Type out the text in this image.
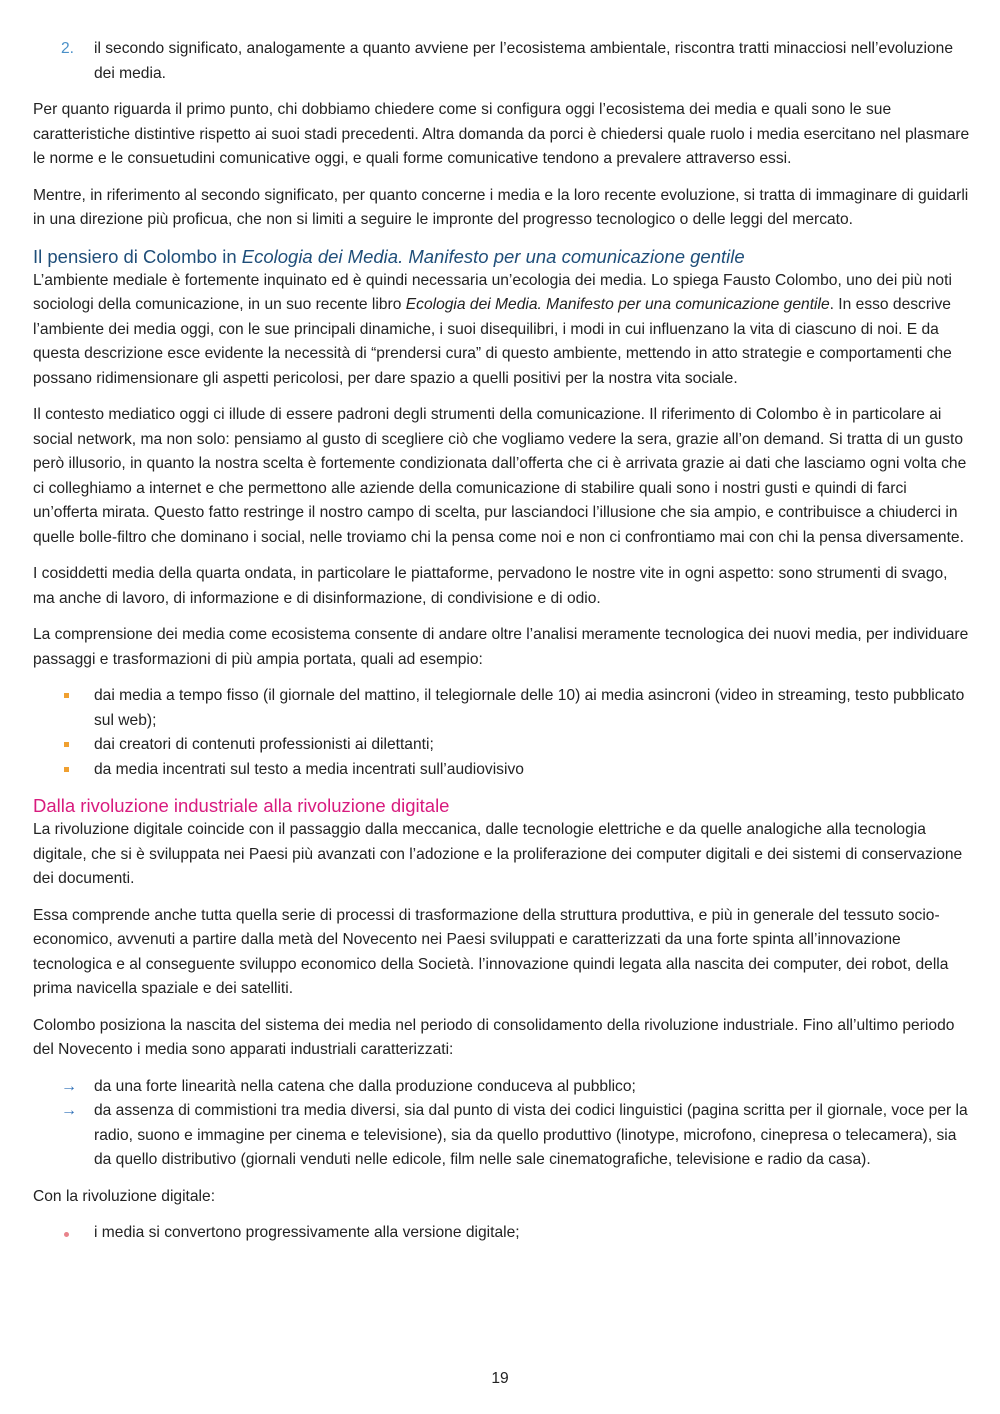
2. il secondo significato, analogamente a quanto avviene per l’ecosistema ambientale, riscontra tratti minacciosi nell’evoluzione dei media.

Per quanto riguarda il primo punto, chi dobbiamo chiedere come si configura oggi l’ecosistema dei media e quali sono le sue caratteristiche distintive rispetto ai suoi stadi precedenti. Altra domanda da porci è chiedersi quale ruolo i media esercitano nel plasmare le norme e le consuetudini comunicative oggi, e quali forme comunicative tendono a prevalere attraverso essi.

Mentre, in riferimento al secondo significato, per quanto concerne i media e la loro recente evoluzione, si tratta di immaginare di guidarli in una direzione più proficua, che non si limiti a seguire le impronte del progresso tecnologico o delle leggi del mercato.

Il pensiero di Colombo in Ecologia dei Media. Manifesto per una comunicazione gentile

L’ambiente mediale è fortemente inquinato ed è quindi necessaria un’ecologia dei media. Lo spiega Fausto Colombo, uno dei più noti sociologi della comunicazione, in un suo recente libro Ecologia dei Media. Manifesto per una comunicazione gentile. In esso descrive l’ambiente dei media oggi, con le sue principali dinamiche, i suoi disequilibri, i modi in cui influenzano la vita di ciascuno di noi. E da questa descrizione esce evidente la necessità di “prendersi cura” di questo ambiente, mettendo in atto strategie e comportamenti che possano ridimensionare gli aspetti pericolosi, per dare spazio a quelli positivi per la nostra vita sociale.

Il contesto mediatico oggi ci illude di essere padroni degli strumenti della comunicazione. Il riferimento di Colombo è in particolare ai social network, ma non solo: pensiamo al gusto di scegliere ciò che vogliamo vedere la sera, grazie all’on demand. Si tratta di un gusto però illusorio, in quanto la nostra scelta è fortemente condizionata dall’offerta che ci è arrivata grazie ai dati che lasciamo ogni volta che ci colleghiamo a internet e che permettono alle aziende della comunicazione di stabilire quali sono i nostri gusti e quindi di farci un’offerta mirata. Questo fatto restringe il nostro campo di scelta, pur lasciandoci l’illusione che sia ampio, e contribuisce a chiuderci in quelle bolle-filtro che dominano i social, nelle troviamo chi la pensa come noi e non ci confrontiamo mai con chi la pensa diversamente.

I cosiddetti media della quarta ondata, in particolare le piattaforme, pervadono le nostre vite in ogni aspetto: sono strumenti di svago, ma anche di lavoro, di informazione e di disinformazione, di condivisione e di odio.

La comprensione dei media come ecosistema consente di andare oltre l’analisi meramente tecnologica dei nuovi media, per individuare passaggi e trasformazioni di più ampia portata, quali ad esempio:

dai media a tempo fisso (il giornale del mattino, il telegiornale delle 10) ai media asincroni (video in streaming, testo pubblicato sul web);
dai creatori di contenuti professionisti ai dilettanti;
da media incentrati sul testo a media incentrati sull’audiovisivo
Dalla rivoluzione industriale alla rivoluzione digitale

La rivoluzione digitale coincide con il passaggio dalla meccanica, dalle tecnologie elettriche e da quelle analogiche alla tecnologia digitale, che si è sviluppata nei Paesi più avanzati con l’adozione e la proliferazione dei computer digitali e dei sistemi di conservazione dei documenti.

Essa comprende anche tutta quella serie di processi di trasformazione della struttura produttiva, e più in generale del tessuto socio-economico, avvenuti a partire dalla metà del Novecento nei Paesi sviluppati e caratterizzati da una forte spinta all’innovazione tecnologica e al conseguente sviluppo economico della Società. l’innovazione quindi legata alla nascita dei computer, dei robot, della prima navicella spaziale e dei satelliti.

Colombo posiziona la nascita del sistema dei media nel periodo di consolidamento della rivoluzione industriale. Fino all’ultimo periodo del Novecento i media sono apparati industriali caratterizzati:

→ da una forte linearità nella catena che dalla produzione conduceva al pubblico;
→ da assenza di commistioni tra media diversi, sia dal punto di vista dei codici linguistici (pagina scritta per il giornale, voce per la radio, suono e immagine per cinema e televisione), sia da quello produttivo (linotype, microfono, cinepresa o telecamera), sia da quello distributivo (giornali venduti nelle edicole, film nelle sale cinematografiche, televisione e radio da casa).

Con la rivoluzione digitale:

i media si convertono progressivamente alla versione digitale;
19
